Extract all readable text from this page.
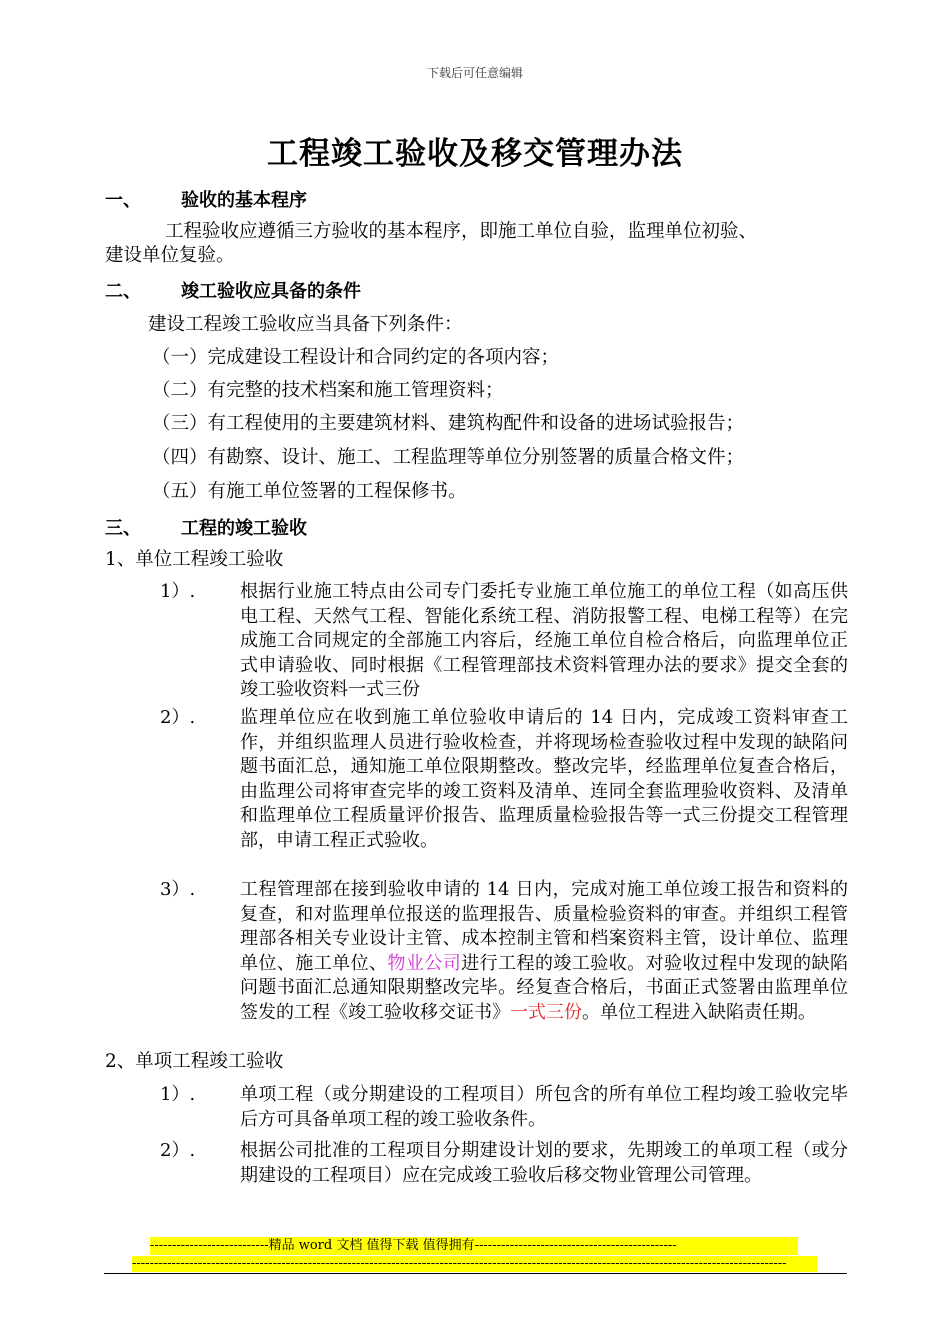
下载后可任意编辑
工程竣工验收及移交管理办法
一、 验收的基本程序
工程验收应遵循三方验收的基本程序，即施工单位自验，监理单位初验、
建设单位复验。
二、 竣工验收应具备的条件
建设工程竣工验收应当具备下列条件：
（一）完成建设工程设计和合同约定的各项内容；
（二）有完整的技术档案和施工管理资料；
（三）有工程使用的主要建筑材料、建筑构配件和设备的进场试验报告；
（四）有勘察、设计、施工、工程监理等单位分别签署的质量合格文件；
（五）有施工单位签署的工程保修书。
三、 工程的竣工验收
1、单位工程竣工验收
1）.	根据行业施工特点由公司专门委托专业施工单位施工的单位工程（如高压供电工程、天然气工程、智能化系统工程、消防报警工程、电梯工程等）在完成施工合同规定的全部施工内容后，经施工单位自检合格后，向监理单位正式申请验收、同时根据《工程管理部技术资料管理办法的要求》提交全套的竣工验收资料一式三份
2）.	监理单位应在收到施工单位验收申请后的 14 日内，完成竣工资料审查工作，并组织监理人员进行验收检查，并将现场检查验收过程中发现的缺陷问题书面汇总，通知施工单位限期整改。整改完毕，经监理单位复查合格后，由监理公司将审查完毕的竣工资料及清单、连同全套监理验收资料、及清单和监理单位工程质量评价报告、监理质量检验报告等一式三份提交工程管理部，申请工程正式验收。
3）.	工程管理部在接到验收申请的 14 日内，完成对施工单位竣工报告和资料的复查，和对监理单位报送的监理报告、质量检验资料的审查。并组织工程管理部各相关专业设计主管、成本控制主管和档案资料主管，设计单位、监理单位、施工单位、物业公司进行工程的竣工验收。对验收过程中发现的缺陷问题书面汇总通知限期整改完毕。经复查合格后，书面正式签署由监理单位签发的工程《竣工验收移交证书》一式三份。单位工程进入缺陷责任期。
2、单项工程竣工验收
1）.	单项工程（或分期建设的工程项目）所包含的所有单位工程均竣工验收完毕后方可具备单项工程的竣工验收条件。
2）.	根据公司批准的工程项目分期建设计划的要求，先期竣工的单项工程（或分期建设的工程项目）应在完成竣工验收后移交物业管理公司管理。
---------------------------精品 word 文档 值得下载 值得拥有----------------------------------------------
-----------------------------------------------------------------------------------------------------------------------------------------------------
